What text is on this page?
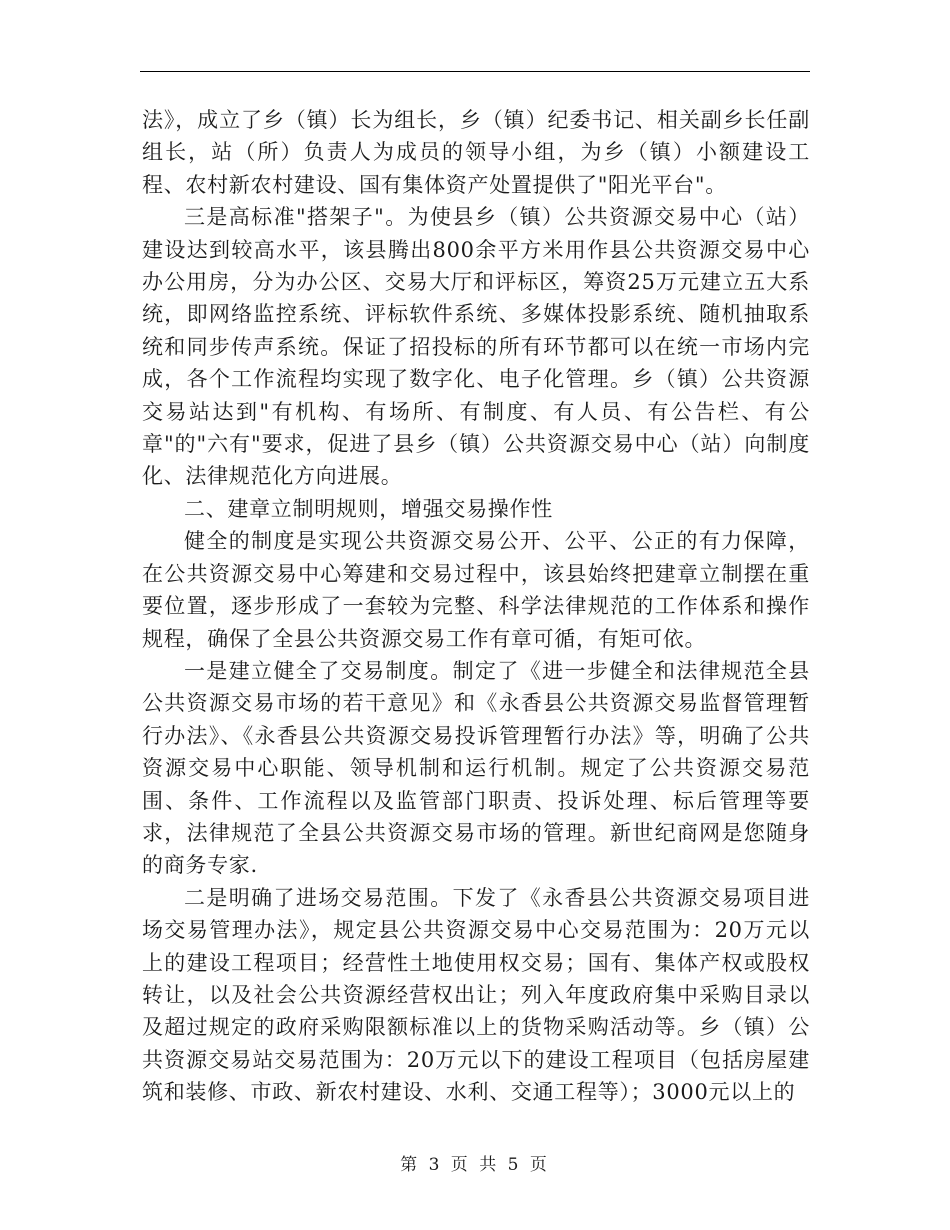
法》，成立了乡（镇）长为组长，乡（镇）纪委书记、相关副乡长任副组长，站（所）负责人为成员的领导小组，为乡（镇）小额建设工程、农村新农村建设、国有集体资产处置提供了"阳光平台"。

三是高标准"搭架子"。为使县乡（镇）公共资源交易中心（站）建设达到较高水平，该县腾出800余平方米用作县公共资源交易中心办公用房，分为办公区、交易大厅和评标区，筹资25万元建立五大系统，即网络监控系统、评标软件系统、多媒体投影系统、随机抽取系统和同步传声系统。保证了招投标的所有环节都可以在统一市场内完成，各个工作流程均实现了数字化、电子化管理。乡（镇）公共资源交易站达到"有机构、有场所、有制度、有人员、有公告栏、有公章"的"六有"要求，促进了县乡（镇）公共资源交易中心（站）向制度化、法律规范化方向进展。

二、建章立制明规则，增强交易操作性

健全的制度是实现公共资源交易公开、公平、公正的有力保障，在公共资源交易中心筹建和交易过程中，该县始终把建章立制摆在重要位置，逐步形成了一套较为完整、科学法律规范的工作体系和操作规程，确保了全县公共资源交易工作有章可循，有矩可依。

一是建立健全了交易制度。制定了《进一步健全和法律规范全县公共资源交易市场的若干意见》和《永香县公共资源交易监督管理暂行办法》、《永香县公共资源交易投诉管理暂行办法》等，明确了公共资源交易中心职能、领导机制和运行机制。规定了公共资源交易范围、条件、工作流程以及监管部门职责、投诉处理、标后管理等要求，法律规范了全县公共资源交易市场的管理。新世纪商网是您随身的商务专家.

二是明确了进场交易范围。下发了《永香县公共资源交易项目进场交易管理办法》，规定县公共资源交易中心交易范围为：20万元以上的建设工程项目；经营性土地使用权交易；国有、集体产权或股权转让，以及社会公共资源经营权出让；列入年度政府集中采购目录以及超过规定的政府采购限额标准以上的货物采购活动等。乡（镇）公共资源交易站交易范围为：20万元以下的建设工程项目（包括房屋建筑和装修、市政、新农村建设、水利、交通工程等）；3000元以上的

第 3 页 共 5 页
